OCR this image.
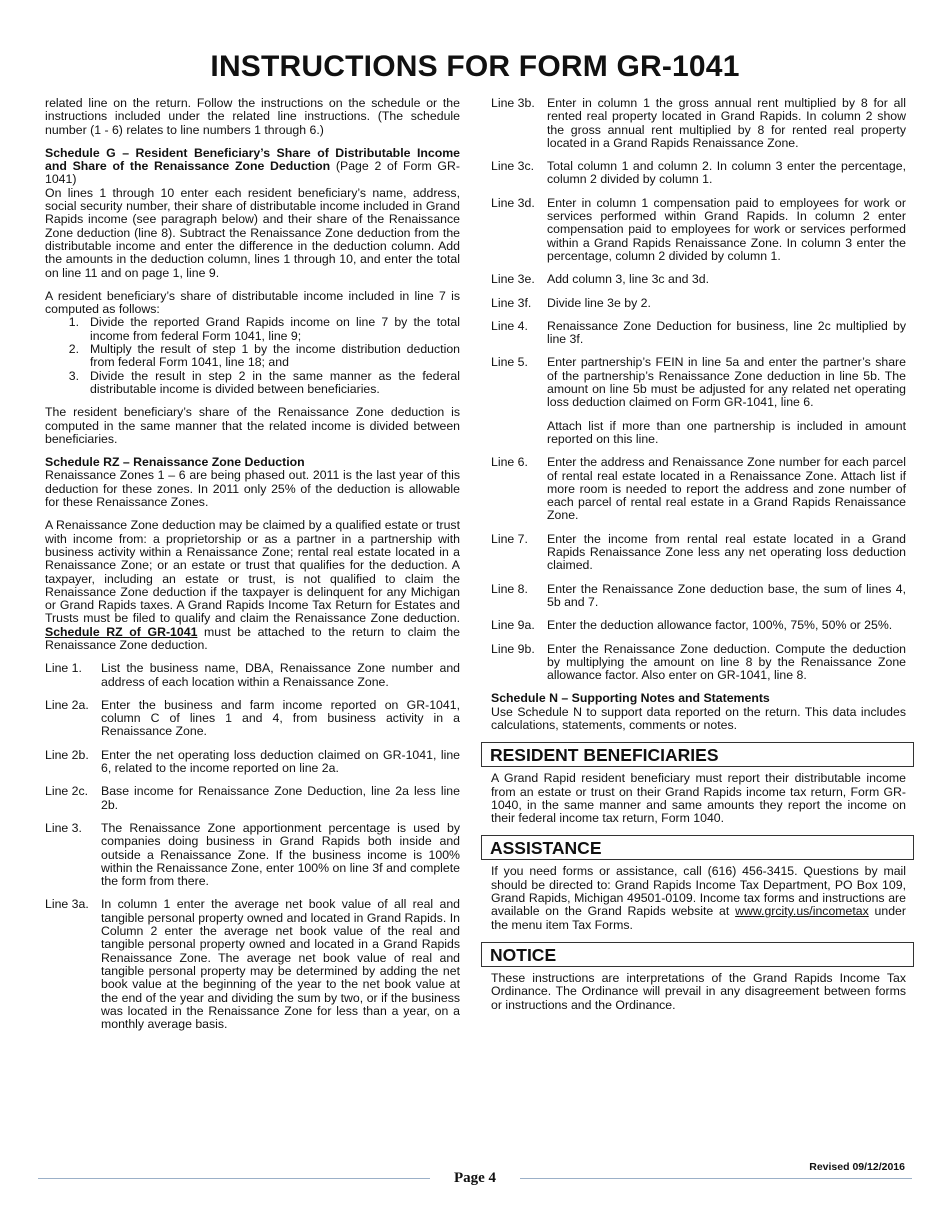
INSTRUCTIONS FOR FORM GR-1041

related line on the return. Follow the instructions on the schedule or the instructions included under the related line instructions. (The schedule number (1 - 6) relates to line numbers 1 through 6.)

Schedule G – Resident Beneficiary’s Share of Distributable Income and Share of the Renaissance Zone Deduction (Page 2 of Form GR-1041)
On lines 1 through 10 enter each resident beneficiary’s name, address, social security number, their share of distributable income included in Grand Rapids income (see paragraph below) and their share of the Renaissance Zone deduction (line 8). Subtract the Renaissance Zone deduction from the distributable income and enter the difference in the deduction column. Add the amounts in the deduction column, lines 1 through 10, and enter the total on line 11 and on page 1, line 9.

A resident beneficiary’s share of distributable income included in line 7 is computed as follows:

1. Divide the reported Grand Rapids income on line 7 by the total income from federal Form 1041, line 9;
2. Multiply the result of step 1 by the income distribution deduction from federal Form 1041, line 18; and
3. Divide the result in step 2 in the same manner as the federal distributable income is divided between beneficiaries.

The resident beneficiary’s share of the Renaissance Zone deduction is computed in the same manner that the related income is divided between beneficiaries.

Schedule RZ – Renaissance Zone Deduction
Renaissance Zones 1 – 6 are being phased out. 2011 is the last year of this deduction for these zones. In 2011 only 25% of the deduction is allowable for these Renaissance Zones.

A Renaissance Zone deduction may be claimed by a qualified estate or trust with income from: a proprietorship or as a partner in a partnership with business activity within a Renaissance Zone; rental real estate located in a Renaissance Zone; or an estate or trust that qualifies for the deduction. A taxpayer, including an estate or trust, is not qualified to claim the Renaissance Zone deduction if the taxpayer is delinquent for any Michigan or Grand Rapids taxes. A Grand Rapids Income Tax Return for Estates and Trusts must be filed to qualify and claim the Renaissance Zone deduction. Schedule RZ of GR-1041 must be attached to the return to claim the Renaissance Zone deduction.

Line 1.	List the business name, DBA, Renaissance Zone number and address of each location within a Renaissance Zone.
Line 2a. Enter the business and farm income reported on GR-1041, column C of lines 1 and 4, from business activity in a Renaissance Zone.
Line 2b. Enter the net operating loss deduction claimed on GR-1041, line 6, related to the income reported on line 2a.
Line 2c.	Base income for Renaissance Zone Deduction, line 2a less line 2b.
Line 3.	The Renaissance Zone apportionment percentage is used by companies doing business in Grand Rapids both inside and outside a Renaissance Zone. If the business income is 100% within the Renaissance Zone, enter 100% on line 3f and complete the form from there.
Line 3a. In column 1 enter the average net book value of all real and tangible personal property owned and located in Grand Rapids. In Column 2 enter the average net book value of the real and tangible personal property owned and located in a Grand Rapids Renaissance Zone. The average net book value of real and tangible personal property may be determined by adding the net book value at the beginning of the year to the net book value at the end of the year and dividing the sum by two, or if the business was located in the Renaissance Zone for less than a year, on a monthly average basis.
Line 3b. Enter in column 1 the gross annual rent multiplied by 8 for all rented real property located in Grand Rapids. In column 2 show the gross annual rent multiplied by 8 for rented real property located in a Grand Rapids Renaissance Zone.
Line 3c.	Total column 1 and column 2. In column 3 enter the percentage, column 2 divided by column 1.
Line 3d. Enter in column 1 compensation paid to employees for work or services performed within Grand Rapids. In column 2 enter compensation paid to employees for work or services performed within a Grand Rapids Renaissance Zone. In column 3 enter the percentage, column 2 divided by column 1.
Line 3e. Add column 3, line 3c and 3d.
Line 3f.	Divide line 3e by 2.
Line 4.	Renaissance Zone Deduction for business, line 2c multiplied by line 3f.
Line 5.	Enter partnership’s FEIN in line 5a and enter the partner’s share of the partnership’s Renaissance Zone deduction in line 5b. The amount on line 5b must be adjusted for any related net operating loss deduction claimed on Form GR-1041, line 6.
Attach list if more than one partnership is included in amount reported on this line.
Line 6.	Enter the address and Renaissance Zone number for each parcel of rental real estate located in a Renaissance Zone. Attach list if more room is needed to report the address and zone number of each parcel of rental real estate in a Grand Rapids Renaissance Zone.
Line 7.	Enter the income from rental real estate located in a Grand Rapids Renaissance Zone less any net operating loss deduction claimed.
Line 8.	Enter the Renaissance Zone deduction base, the sum of lines 4, 5b and 7.
Line 9a. Enter the deduction allowance factor, 100%, 75%, 50% or 25%.
Line 9b. Enter the Renaissance Zone deduction. Compute the deduction by multiplying the amount on line 8 by the Renaissance Zone allowance factor. Also enter on GR-1041, line 8.

Schedule N – Supporting Notes and Statements
Use Schedule N to support data reported on the return. This data includes calculations, statements, comments or notes.

RESIDENT BENEFICIARIES

A Grand Rapid resident beneficiary must report their distributable income from an estate or trust on their Grand Rapids income tax return, Form GR-1040, in the same manner and same amounts they report the income on their federal income tax return, Form 1040.

ASSISTANCE

If you need forms or assistance, call (616) 456-3415. Questions by mail should be directed to: Grand Rapids Income Tax Department, PO Box 109, Grand Rapids, Michigan 49501-0109. Income tax forms and instructions are available on the Grand Rapids website at www.grcity.us/incometax under the menu item Tax Forms.

NOTICE

These instructions are interpretations of the Grand Rapids Income Tax Ordinance. The Ordinance will prevail in any disagreement between forms or instructions and the Ordinance.

Revised 09/12/2016
Page 4
